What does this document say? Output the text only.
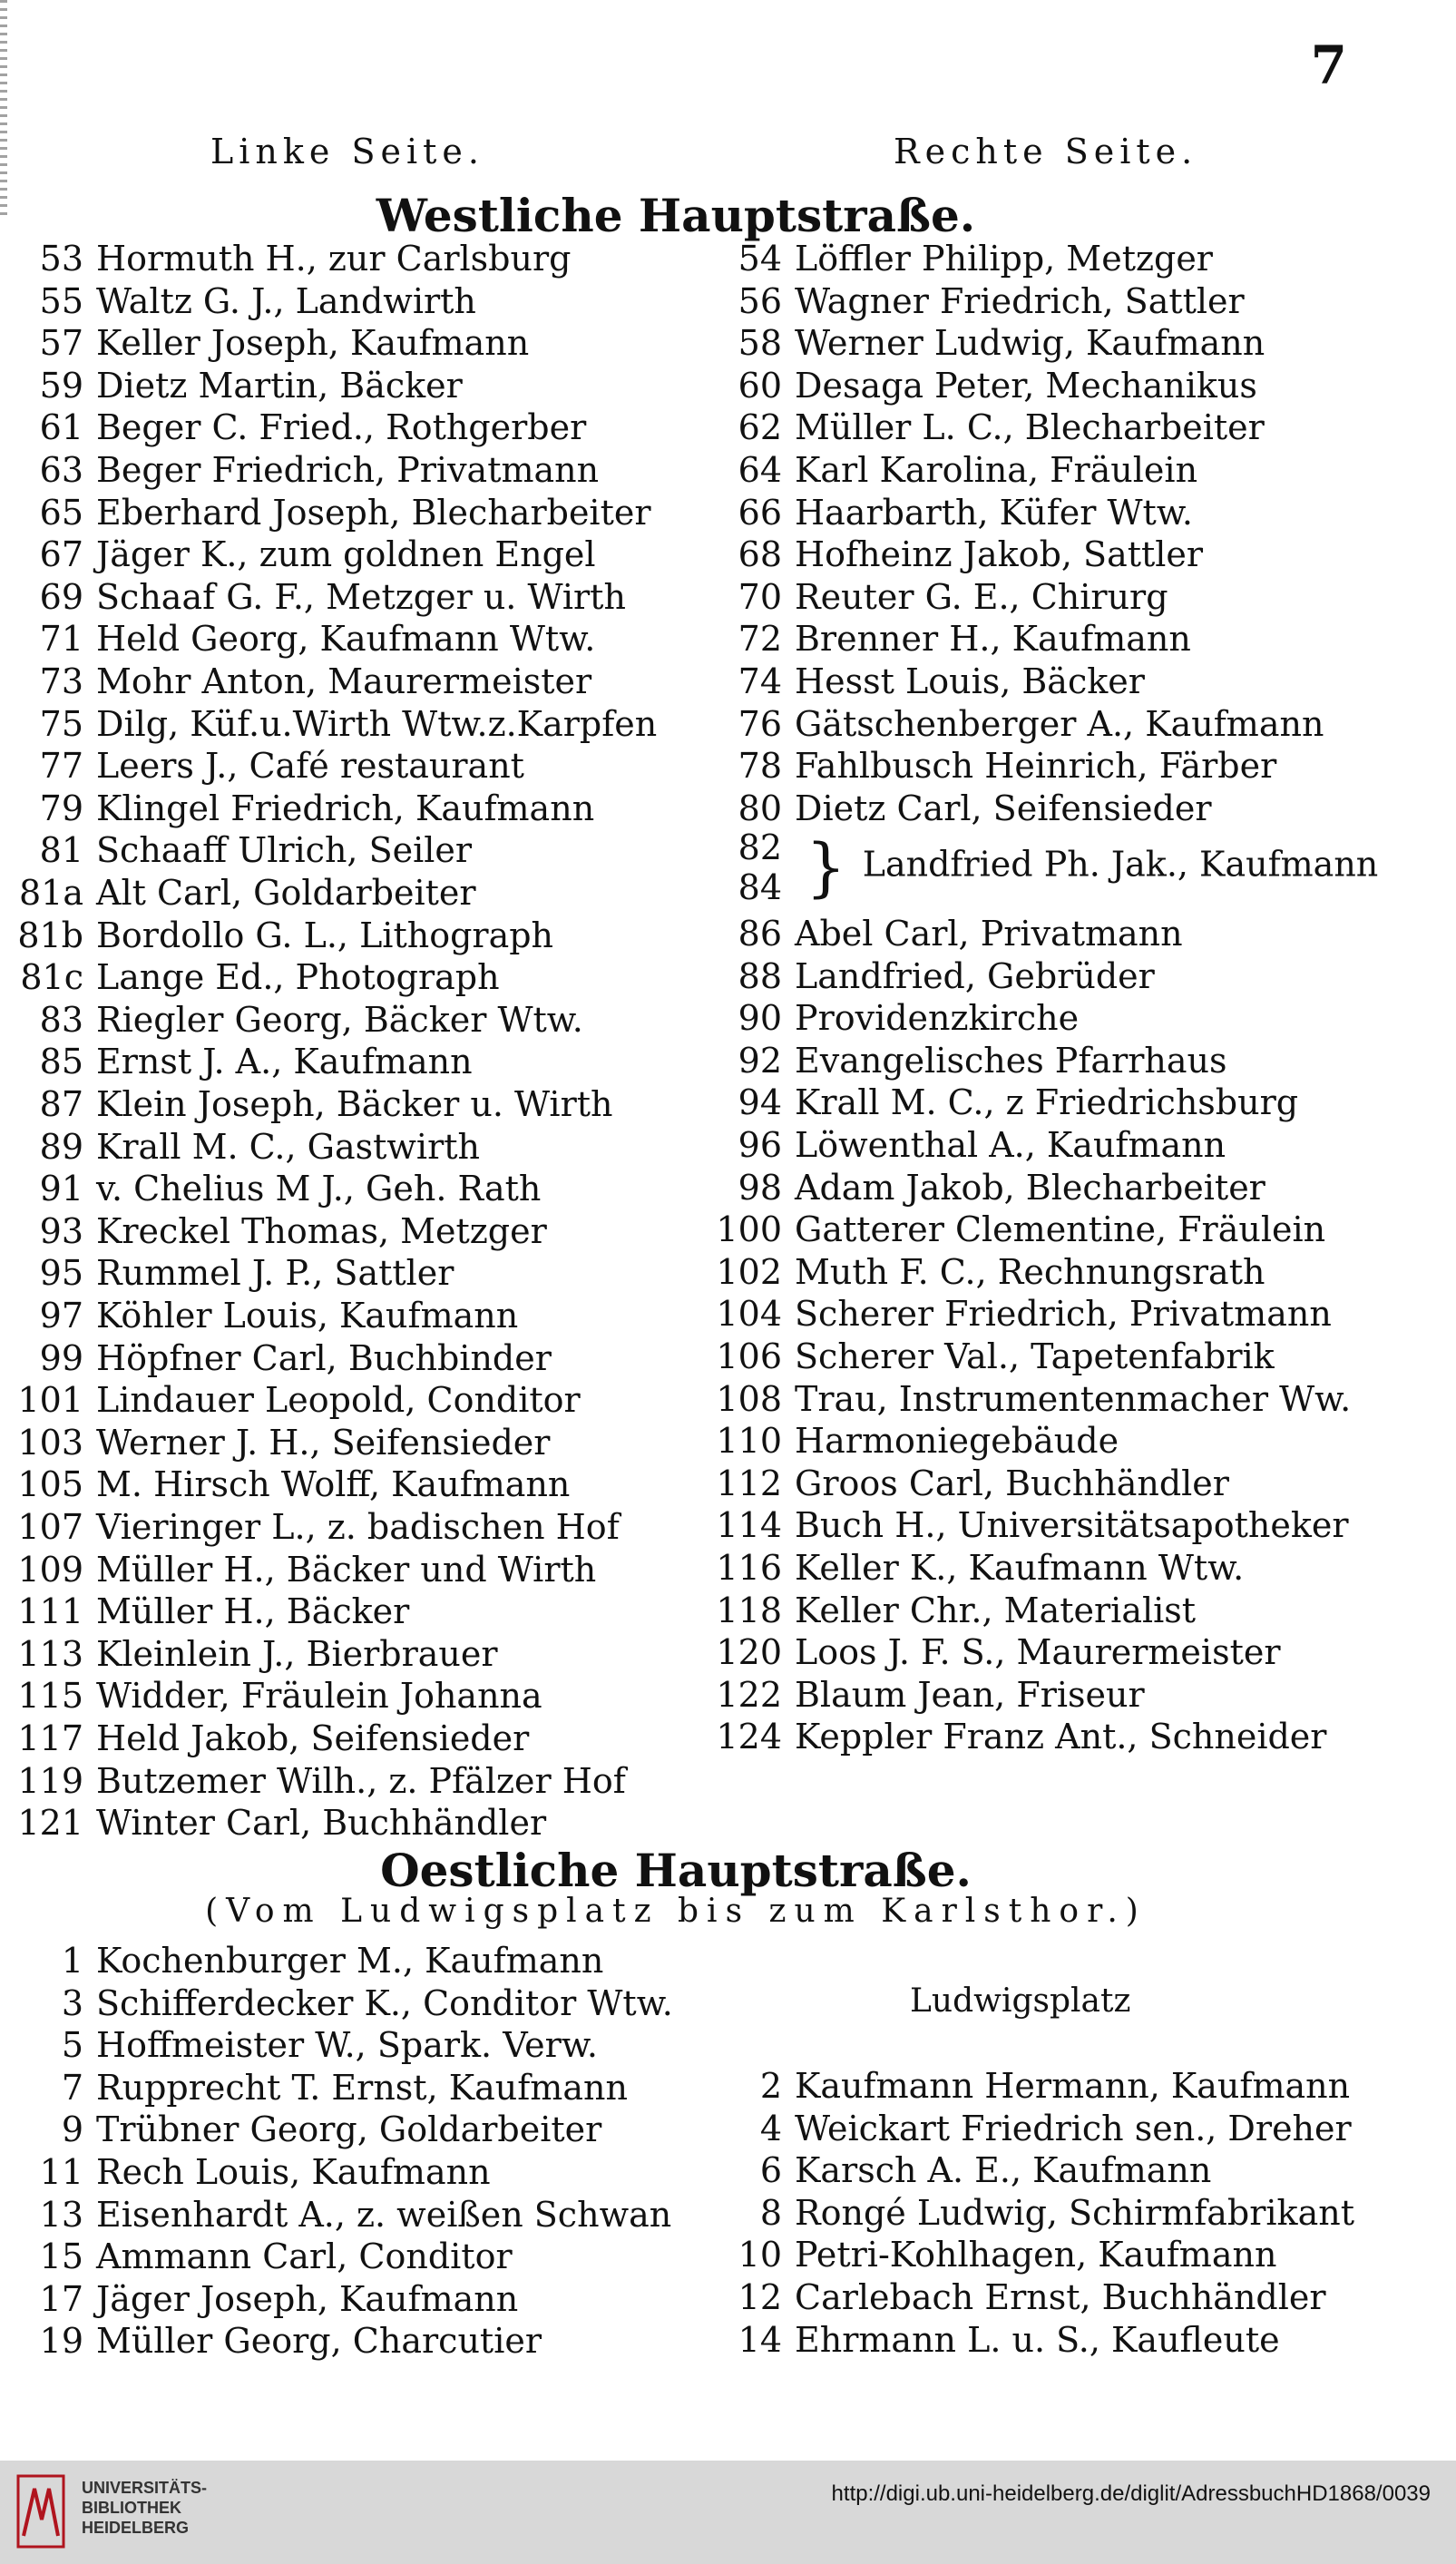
7
Linke Seite.	Rechte Seite.
Westliche Hauptstraße.
53 Hormuth H., zur Carlsburg
55 Waltz G. J., Landwirth
57 Keller Joseph, Kaufmann
59 Dietz Martin, Bäcker
61 Beger C. Fried., Rothgerber
63 Beger Friedrich, Privatmann
65 Eberhard Joseph, Blecharbeiter
67 Jäger K., zum goldnen Engel
69 Schaaf G. F., Metzger u. Wirth
71 Held Georg, Kaufmann Wtw.
73 Mohr Anton, Maurermeister
75 Dilg, Küf.u.Wirth Wtw.z.Karpfen
77 Leers J., Café restaurant
79 Klingel Friedrich, Kaufmann
81 Schaaff Ulrich, Seiler
81a Alt Carl, Goldarbeiter
81b Bordollo G. L., Lithograph
81c Lange Ed., Photograph
83 Riegler Georg, Bäcker Wtw.
85 Ernst J. A., Kaufmann
87 Klein Joseph, Bäcker u. Wirth
89 Krall M. C., Gastwirth
91 v. Chelius M J., Geh. Rath
93 Kreckel Thomas, Metzger
95 Rummel J. P., Sattler
97 Köhler Louis, Kaufmann
99 Höpfner Carl, Buchbinder
101 Lindauer Leopold, Conditor
103 Werner J. H., Seifensieder
105 M. Hirsch Wolff, Kaufmann
107 Vieringer L., z. badischen Hof
109 Müller H., Bäcker und Wirth
111 Müller H., Bäcker
113 Kleinlein J., Bierbrauer
115 Widder, Fräulein Johanna
117 Held Jakob, Seifensieder
119 Butzemer Wilh., z. Pfälzer Hof
121 Winter Carl, Buchhändler
54 Löffler Philipp, Metzger
56 Wagner Friedrich, Sattler
58 Werner Ludwig, Kaufmann
60 Desaga Peter, Mechanikus
62 Müller L. C., Blecharbeiter
64 Karl Karolina, Fräulein
66 Haarbarth, Küfer Wtw.
68 Hofheinz Jakob, Sattler
70 Reuter G. E., Chirurg
72 Brenner H., Kaufmann
74 Hesst Louis, Bäcker
76 Gätschenberger A., Kaufmann
78 Fahlbusch Heinrich, Färber
80 Dietz Carl, Seifensieder
82
84 } Landfried Ph. Jak., Kaufmann
86 Abel Carl, Privatmann
88 Landfried, Gebrüder
90 Providenzkirche
92 Evangelisches Pfarrhaus
94 Krall M. C., z Friedrichsburg
96 Löwenthal A., Kaufmann
98 Adam Jakob, Blecharbeiter
100 Gatterer Clementine, Fräulein
102 Muth F. C., Rechnungsrath
104 Scherer Friedrich, Privatmann
106 Scherer Val., Tapetenfabrik
108 Trau, Instrumentenmacher Ww.
110 Harmoniegebäude
112 Groos Carl, Buchhändler
114 Buch H., Universitätsapotheker
116 Keller K., Kaufmann Wtw.
118 Keller Chr., Materialist
120 Loos J. F. S., Maurermeister
122 Blaum Jean, Friseur
124 Keppler Franz Ant., Schneider
Oestliche Hauptstraße.
(Vom Ludwigsplatz bis zum Karlsthor.)
1 Kochenburger M., Kaufmann
3 Schifferdecker K., Conditor Wtw.
5 Hoffmeister W., Spark. Verw.
7 Rupprecht T. Ernst, Kaufmann
9 Trübner Georg, Goldarbeiter
11 Rech Louis, Kaufmann
13 Eisenhardt A., z. weißen Schwan
15 Ammann Carl, Conditor
17 Jäger Joseph, Kaufmann
19 Müller Georg, Charcutier
Ludwigsplatz
2 Kaufmann Hermann, Kaufmann
4 Weickart Friedrich sen., Dreher
6 Karsch A. E., Kaufmann
8 Rongé Ludwig, Schirmfabrikant
10 Petri-Kohlhagen, Kaufmann
12 Carlebach Ernst, Buchhändler
14 Ehrmann L. u. S., Kaufleute
UNIVERSITÄTS-
BIBLIOTHEK
HEIDELBERG
http://digi.ub.uni-heidelberg.de/diglit/AdressbuchHD1868/0039
